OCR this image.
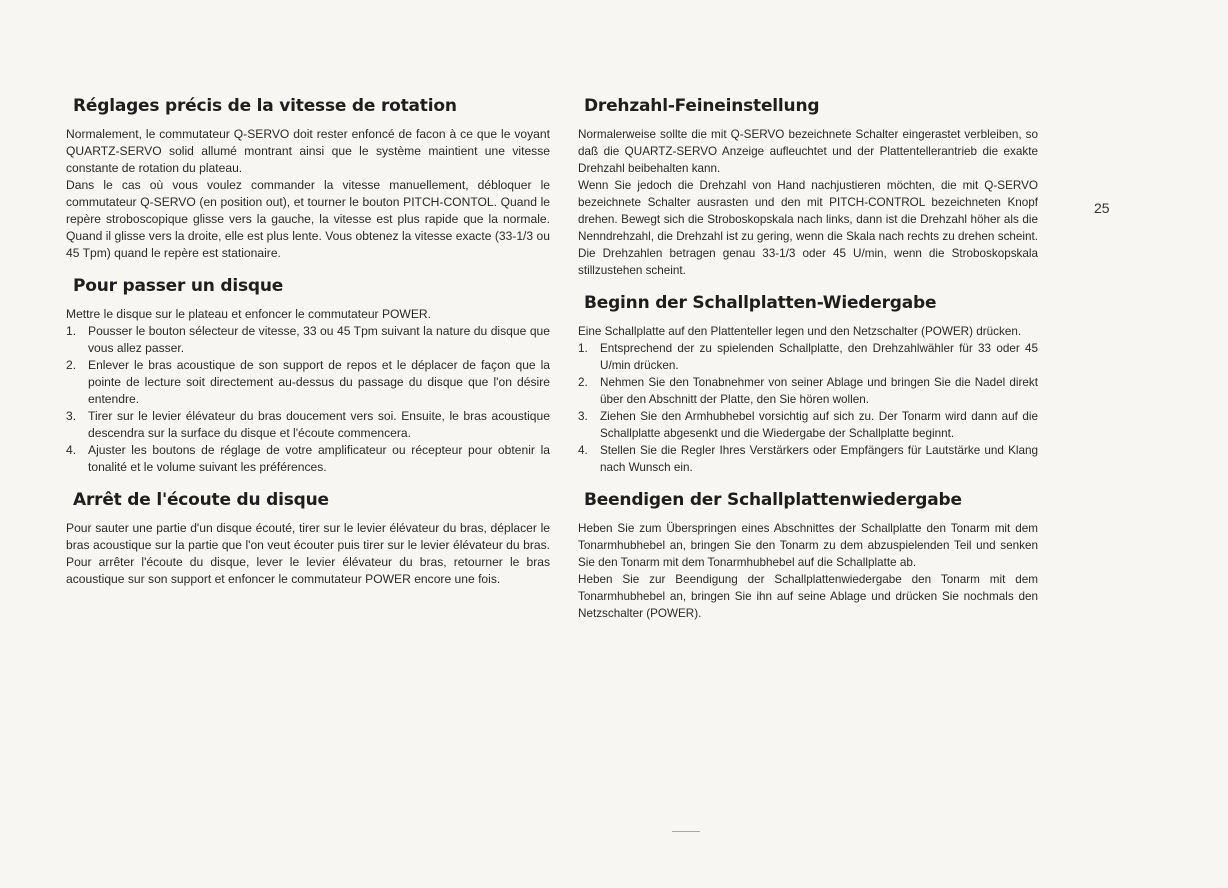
Réglages précis de la vitesse de rotation

Normalement, le commutateur Q-SERVO doit rester enfoncé de facon à ce que le voyant QUARTZ-SERVO solid allumé montrant ainsi que le système maintient une vitesse constante de rotation du plateau.

Dans le cas où vous voulez commander la vitesse manuellement, débloquer le commutateur Q-SERVO (en position out), et tourner le bouton PITCH-CONTOL. Quand le repère stroboscopique glisse vers la gauche, la vitesse est plus rapide que la normale. Quand il glisse vers la droite, elle est plus lente. Vous obtenez la vitesse exacte (33-1/3 ou 45 Tpm) quand le repère est stationaire.

Pour passer un disque

Mettre le disque sur le plateau et enfoncer le commutateur POWER.

1. Pousser le bouton sélecteur de vitesse, 33 ou 45 Tpm suivant la nature du disque que vous allez passer.
2. Enlever le bras acoustique de son support de repos et le déplacer de façon que la pointe de lecture soit directement au-dessus du passage du disque que l'on désire entendre.
3. Tirer sur le levier élévateur du bras doucement vers soi. Ensuite, le bras acoustique descendra sur la surface du disque et l'écoute commencera.
4. Ajuster les boutons de réglage de votre amplificateur ou récepteur pour obtenir la tonalité et le volume suivant les préférences.
Arrêt de l'écoute du disque

Pour sauter une partie d'un disque écouté, tirer sur le levier élévateur du bras, déplacer le bras acoustique sur la partie que l'on veut écouter puis tirer sur le levier élévateur du bras. Pour arrêter l'écoute du disque, lever le levier élévateur du bras, retourner le bras acoustique sur son support et enfoncer le commutateur POWER encore une fois.

Drehzahl-Feineinstellung

Normalerweise sollte die mit Q-SERVO bezeichnete Schalter eingerastet verbleiben, so daß die QUARTZ-SERVO Anzeige aufleuchtet und der Plattentellerantrieb die exakte Drehzahl beibehalten kann.

Wenn Sie jedoch die Drehzahl von Hand nachjustieren möchten, die mit Q-SERVO bezeichnete Schalter ausrasten und den mit PITCH-CONTROL bezeichneten Knopf drehen. Bewegt sich die Stroboskopskala nach links, dann ist die Drehzahl höher als die Nenndrehzahl, die Drehzahl ist zu gering, wenn die Skala nach rechts zu drehen scheint. Die Drehzahlen betragen genau 33-1/3 oder 45 U/min, wenn die Stroboskopskala stillzustehen scheint.

Beginn der Schallplatten-Wiedergabe

Eine Schallplatte auf den Plattenteller legen und den Netzschalter (POWER) drücken.

1. Entsprechend der zu spielenden Schallplatte, den Drehzahlwähler für 33 oder 45 U/min drücken.
2. Nehmen Sie den Tonabnehmer von seiner Ablage und bringen Sie die Nadel direkt über den Abschnitt der Platte, den Sie hören wollen.
3. Ziehen Sie den Armhubhebel vorsichtig auf sich zu. Der Tonarm wird dann auf die Schallplatte abgesenkt und die Wiedergabe der Schallplatte beginnt.
4. Stellen Sie die Regler Ihres Verstärkers oder Empfängers für Lautstärke und Klang nach Wunsch ein.
Beendigen der Schallplattenwiedergabe

Heben Sie zum Überspringen eines Abschnittes der Schallplatte den Tonarm mit dem Tonarmhubhebel an, bringen Sie den Tonarm zu dem abzuspielenden Teil und senken Sie den Tonarm mit dem Tonarmhubhebel auf die Schallplatte ab.

Heben Sie zur Beendigung der Schallplattenwiedergabe den Tonarm mit dem Tonarmhubhebel an, bringen Sie ihn auf seine Ablage und drücken Sie nochmals den Netzschalter (POWER).

25
